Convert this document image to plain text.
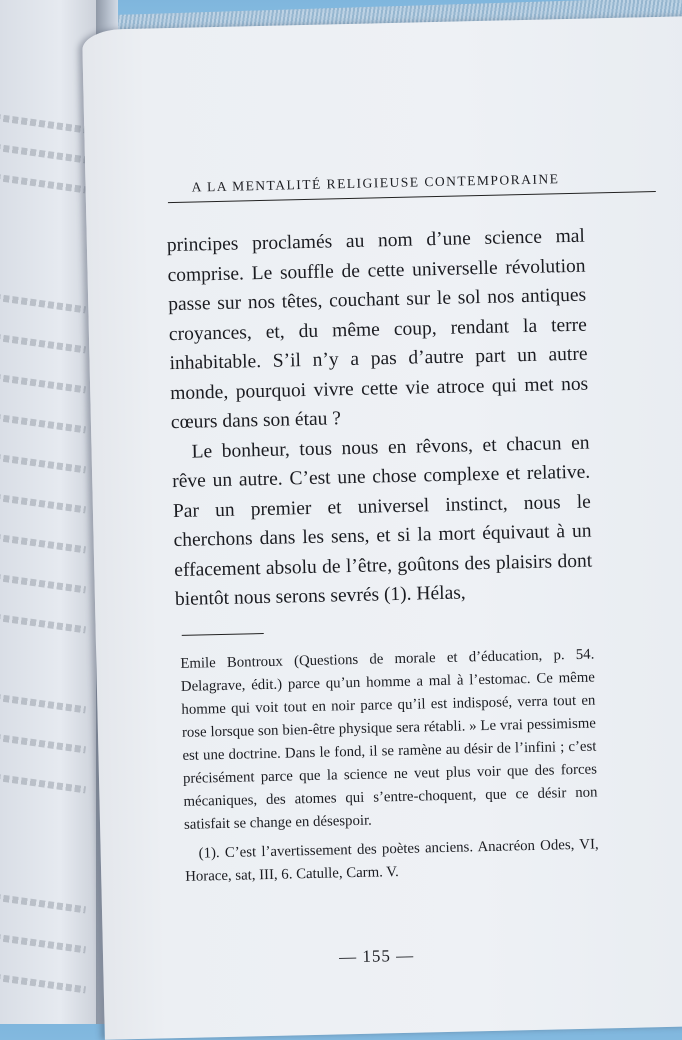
A LA MENTALITÉ RELIGIEUSE CONTEMPORAINE

principes proclamés au nom d’une science mal comprise. Le souffle de cette universelle révolution passe sur nos têtes, couchant sur le sol nos antiques croyances, et, du même coup, rendant la terre inhabitable. S’il n’y a pas d’autre part un autre monde, pourquoi vivre cette vie atroce qui met nos cœurs dans son étau ?

Le bonheur, tous nous en rêvons, et chacun en rêve un autre. C’est une chose complexe et relative. Par un premier et universel instinct, nous le cherchons dans les sens, et si la mort équivaut à un effacement absolu de l’être, goûtons des plaisirs dont bientôt nous serons sevrés (1). Hélas,

Emile Bontroux (Questions de morale et d’éducation, p. 54. Delagrave, édit.) parce qu’un homme a mal à l’estomac. Ce même homme qui voit tout en noir parce qu’il est indisposé, verra tout en rose lorsque son bien-être physique sera rétabli. » Le vrai pessimisme est une doctrine. Dans le fond, il se ramène au désir de l’infini ; c’est précisément parce que la science ne veut plus voir que des forces mécaniques, des atomes qui s’entre-choquent, que ce désir non satisfait se change en désespoir.

(1). C’est l’avertissement des poètes anciens. Anacréon Odes, VI, Horace, sat, III, 6. Catulle, Carm. V.

— 155 —
